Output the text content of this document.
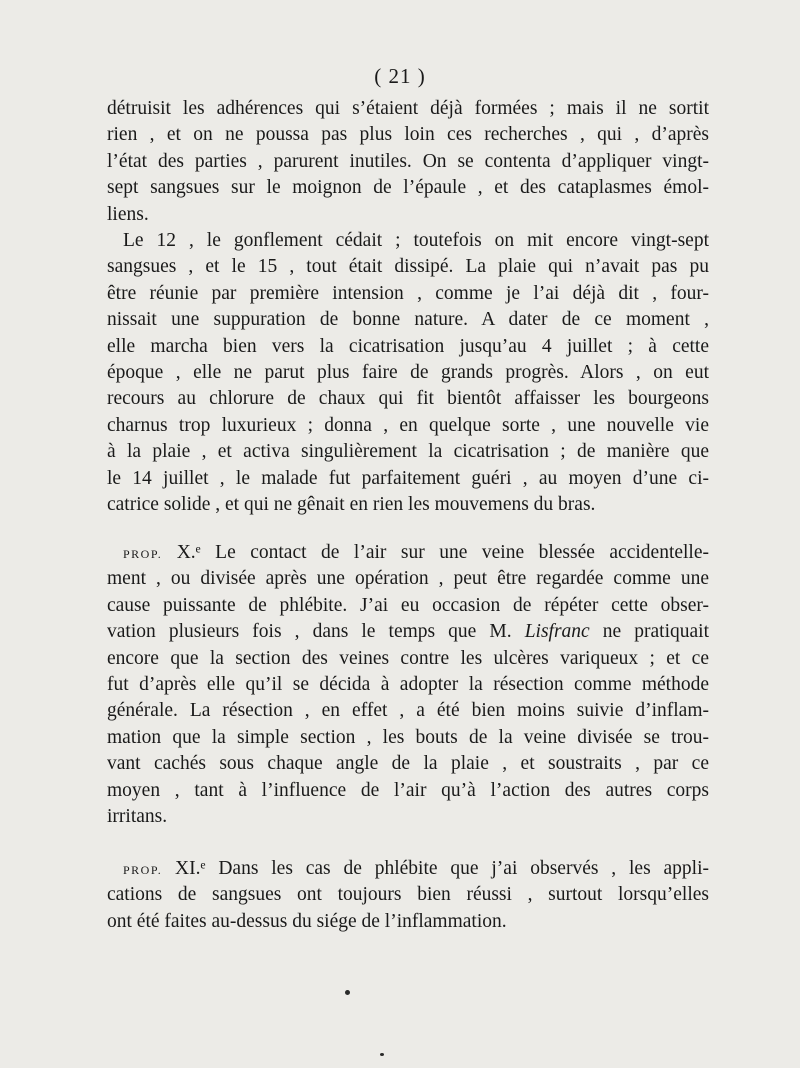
( 21 )
détruisit les adhérences qui s’étaient déjà formées ; mais il ne sortit
rien , et on ne poussa pas plus loin ces recherches , qui , d’après
l’état des parties , parurent inutiles. On se contenta d’appliquer vingt-
sept sangsues sur le moignon de l’épaule , et des cataplasmes émol-
liens.
Le 12 , le gonflement cédait ; toutefois on mit encore vingt-sept
sangsues , et le 15 , tout était dissipé. La plaie qui n’avait pas pu
être réunie par première intension , comme je l’ai déjà dit , four-
nissait une suppuration de bonne nature. A dater de ce moment ,
elle marcha bien vers la cicatrisation jusqu’au 4 juillet ; à cette
époque , elle ne parut plus faire de grands progrès. Alors , on eut
recours au chlorure de chaux qui fit bientôt affaisser les bourgeons
charnus trop luxurieux ; donna , en quelque sorte , une nouvelle vie
à la plaie , et activa singulièrement la cicatrisation ; de manière que
le 14 juillet , le malade fut parfaitement guéri , au moyen d’une ci-
catrice solide , et qui ne gênait en rien les mouvemens du bras.
PROP. X.ᵉ Le contact de l’air sur une veine blessée accidentelle-
ment , ou divisée après une opération , peut être regardée comme une
cause puissante de phlébite. J’ai eu occasion de répéter cette obser-
vation plusieurs fois , dans le temps que M. Lisfranc ne pratiquait
encore que la section des veines contre les ulcères variqueux ; et ce
fut d’après elle qu’il se décida à adopter la résection comme méthode
générale. La résection , en effet , a été bien moins suivie d’inflam-
mation que la simple section , les bouts de la veine divisée se trou-
vant cachés sous chaque angle de la plaie , et soustraits , par ce
moyen , tant à l’influence de l’air qu’à l’action des autres corps
irritans.
PROP. XI.ᵉ Dans les cas de phlébite que j’ai observés , les appli-
cations de sangsues ont toujours bien réussi , surtout lorsqu’elles
ont été faites au-dessus du siége de l’inflammation.
